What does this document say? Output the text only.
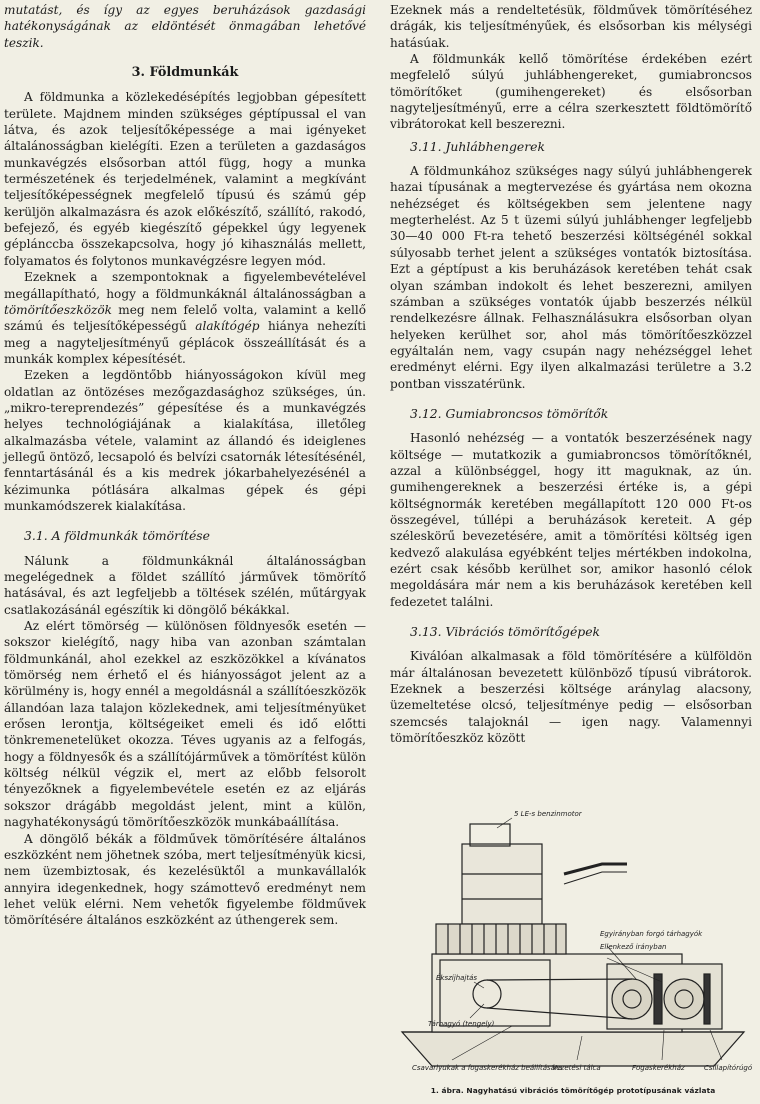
mutatást, és így az egyes beruházások gazdasági hatékonyságának az eldöntését önmagában lehetővé teszik.

3. Földmunkák

A földmunka a közlekedésépítés legjobban gépesített területe. Majdnem minden szükséges géptípussal el van látva, és azok teljesítőképessége a mai igényeket általánosságban kielégíti. Ezen a területen a gazdaságos munkavégzés elsősorban attól függ, hogy a munka természetének és terjedelmének, valamint a megkívánt teljesítőképességnek megfelelő típusú és számú gép kerüljön alkalmazásra és azok előkészítő, szállító, rakodó, befejező, és egyéb kiegészítő gépekkel úgy legyenek géplánccba összekapcsolva, hogy jó kihasználás mellett, folyamatos és folytonos munkavégzésre legyen mód.

Ezeknek a szempontoknak a figyelembevételével megállapítható, hogy a földmunkáknál általánosságban a tömörítőeszközök meg nem felelő volta, valamint a kellő számú és teljesítőképességű alakítógép hiánya nehezíti meg a nagyteljesítményű géplácok összeállítását és a munkák komplex képesítését.

Ezeken a legdöntőbb hiányosságokon kívül meg oldatlan az öntözéses mezőgazdasághoz szükséges, ún. „mikro-tereprendezés” gépesítése és a munkavégzés helyes technológiájának a kialakítása, illetőleg alkalmazásba vétele, valamint az állandó és ideiglenes jellegű öntöző, lecsapoló és belvízi csatornák létesítésénél, fenntartásánál és a kis medrek jókarbahelyezésénél a kézimunka pótlására alkalmas gépek és gépi munkamódszerek kialakítása.

3.1. A földmunkák tömörítése

Nálunk a földmunkáknál általánosságban megelégednek a földet szállító járművek tömörítő hatásával, és azt legfeljebb a töltések szélén, műtárgyak csatlakozásánál egészítik ki döngölő békákkal.

Az elért tömörség — különösen földnyesők esetén — sokszor kielégítő, nagy hiba van azonban számtalan földmunkánál, ahol ezekkel az eszközökkel a kívánatos tömörség nem érhető el és hiányosságot jelent az a körülmény is, hogy ennél a megoldásnál a szállítóeszközök állandóan laza talajon közlekednek, ami teljesítményüket erősen lerontja, költségeiket emeli és idő előtti tönkremenetelüket okozza. Téves ugyanis az a felfogás, hogy a földnyesők és a szállítójárművek a tömörítést külön költség nélkül végzik el, mert az előbb felsorolt tényezőknek a figyelembevétele esetén ez az eljárás sokszor drágább megoldást jelent, mint a külön, nagyhatékonyságú tömörítőeszközök munkábaállítása.

A döngölő békák a földművek tömörítésére általános eszközként nem jöhetnek szóba, mert teljesítményük kicsi, nem üzembiztosak, és kezelésüktől a munkavállalók annyira idegenkednek, hogy számottevő eredményt nem lehet velük elérni. Nem vehetők figyelembe földművek tömörítésére általános eszközként az úthengerek sem.

Ezeknek más a rendeltetésük, földművek tömörítéséhez drágák, kis teljesítményűek, és elsősorban kis mélységi hatásúak.

A földmunkák kellő tömörítése érdekében ezért megfelelő súlyú juhlábhengereket, gumiabroncsos tömörítőket (gumihengereket) és elsősorban nagyteljesítményű, erre a célra szerkesztett földtömörítő vibrátorokat kell beszerezni.

3.11. Juhlábhengerek

A földmunkához szükséges nagy súlyú juhlábhengerek hazai típusának a megtervezése és gyártása nem okozna nehézséget és költségekben sem jelentene nagy megterhelést. Az 5 t üzemi súlyú juhlábhenger legfeljebb 30—40 000 Ft-ra tehető beszerzési költségénél sokkal súlyosabb terhet jelent a szükséges vontatók biztosítása. Ezt a géptípust a kis beruházások keretében tehát csak olyan számban indokolt és lehet beszerezni, amilyen számban a szükséges vontatók újabb beszerzés nélkül rendelkezésre állnak. Felhasználásukra elsősorban olyan helyeken kerülhet sor, ahol más tömörítőeszközzel egyáltalán nem, vagy csupán nagy nehézséggel lehet eredményt elérni. Egy ilyen alkalmazási területre a 3.2 pontban visszatérünk.

3.12. Gumiabroncsos tömörítők

Hasonló nehézség — a vontatók beszerzésének nagy költsége — mutatkozik a gumiabroncsos tömörítőknél, azzal a különbséggel, hogy itt maguknak, az ún. gumihengereknek a beszerzési értéke is, a gépi költségnormák keretében megállapított 120 000 Ft-os összegével, túllépi a beruházások kereteit. A gép széleskörű bevezetésére, amit a tömörítési költség igen kedvező alakulása egyébként teljes mértékben indokolna, ezért csak később kerülhet sor, amikor hasonló célok megoldására már nem a kis beruházások keretében kell fedezetet találni.

3.13. Vibrációs tömörítőgépek

Kiválóan alkalmasak a föld tömörítésére a külföldön már általánosan bevezetett különböző típusú vibrátorok. Ezeknek a beszerzési költsége aránylag alacsony, üzemeltetése olcsó, teljesítménye pedig — elsősorban szemcsés talajoknál — igen nagy. Valamennyi tömörítőeszköz között

5 LE-s benzinmotor
Egyirányban forgó tárhagyók
Ellenkező irányban
Ékszíjhajtás
Tárhagyó (tengely)
Csavarlyukak a fogaskerékház beállítására
Vezetési tálca	Fogaskerékház	Csillapítórúgó
1. ábra. Nagyhatású vibrációs tömörítőgép prototípusának vázlata
